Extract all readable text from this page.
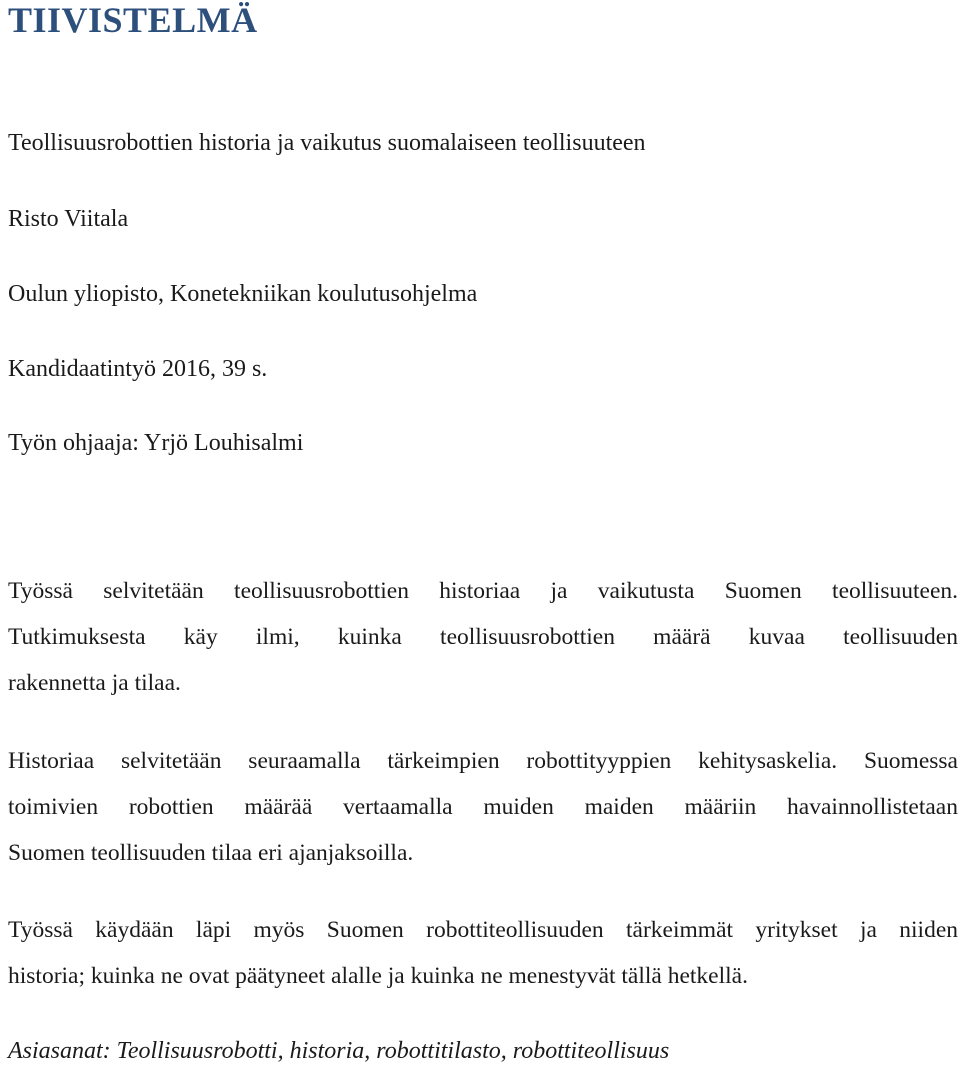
TIIVISTELMÄ
Teollisuusrobottien historia ja vaikutus suomalaiseen teollisuuteen
Risto Viitala
Oulun yliopisto, Konetekniikan koulutusohjelma
Kandidaatintyö 2016, 39 s.
Työn ohjaaja: Yrjö Louhisalmi
Työssä selvitetään teollisuusrobottien historiaa ja vaikutusta Suomen teollisuuteen.
Tutkimuksesta käy ilmi, kuinka teollisuusrobottien määrä kuvaa teollisuuden
rakennetta ja tilaa.
Historiaa selvitetään seuraamalla tärkeimpien robottityyppien kehitysaskelia. Suomessa
toimivien robottien määrää vertaamalla muiden maiden määriin havainnollistetaan
Suomen teollisuuden tilaa eri ajanjaksoilla.
Työssä käydään läpi myös Suomen robottiteollisuuden tärkeimmät yritykset ja niiden
historia; kuinka ne ovat päätyneet alalle ja kuinka ne menestyvät tällä hetkellä.
Asiasanat: Teollisuusrobotti, historia, robottitilasto, robottiteollisuus
